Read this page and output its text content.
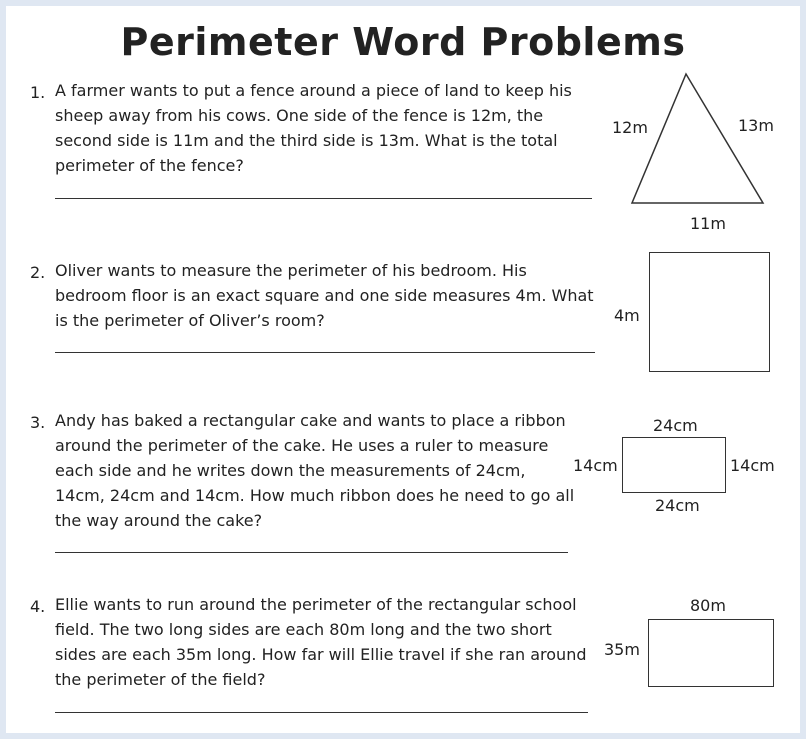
Perimeter Word Problems
1. A farmer wants to put a fence around a piece of land to keep his sheep away from his cows. One side of the fence is 12m, the second side is 11m and the third side is 13m. What is the total perimeter of the fence?
12m	13m
11m
2. Oliver wants to measure the perimeter of his bedroom. His bedroom floor is an exact square and one side measures 4m. What is the perimeter of Oliver’s room?	4m
3. Andy has baked a rectangular cake and wants to place a ribbon around the perimeter of the cake. He uses a ruler to measure each side and he writes down the measurements of 24cm, 14cm, 24cm and 14cm. How much ribbon does he need to go all the way around the cake?
24cm
14cm	14cm
24cm
4. Ellie wants to run around the perimeter of the rectangular school field. The two long sides are each 80m long and the two short sides are each 35m long. How far will Ellie travel if she ran around the perimeter of the field?
80m
35m
